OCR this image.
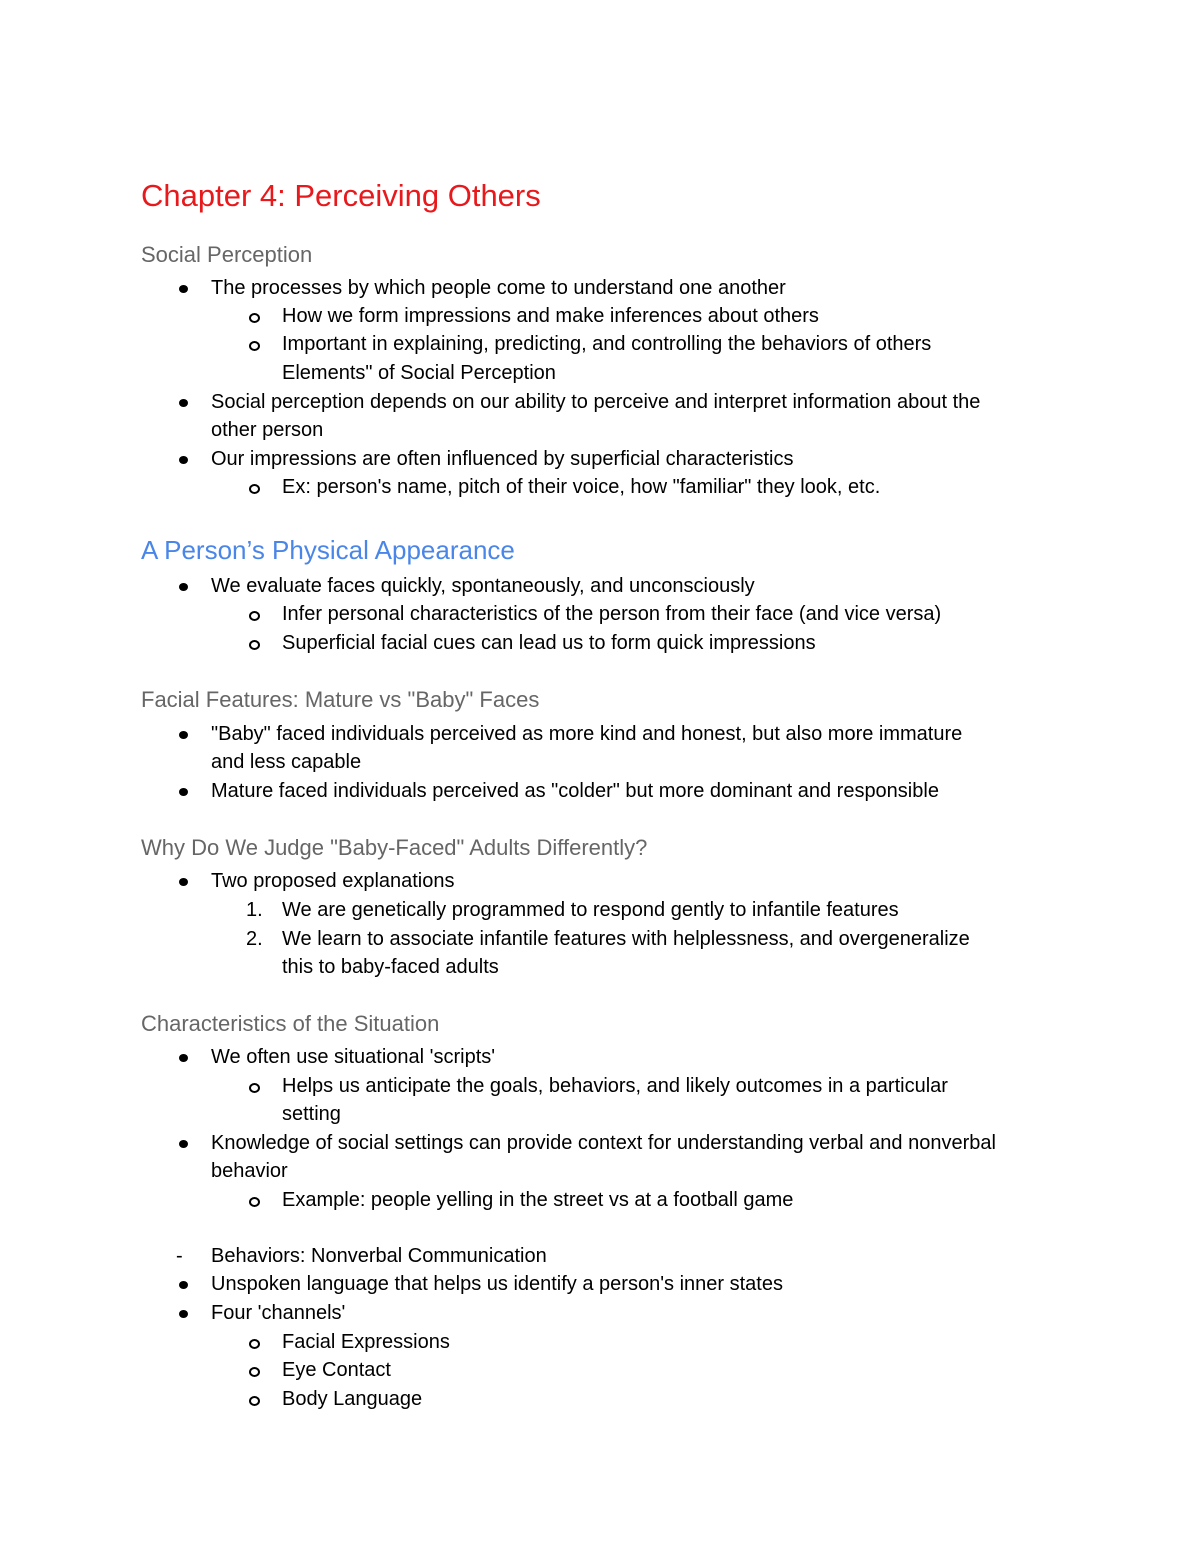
Chapter 4: Perceiving Others
Social Perception
The processes by which people come to understand one another
How we form impressions and make inferences about others
Important in explaining, predicting, and controlling the behaviors of others
Elements" of Social Perception
Social perception depends on our ability to perceive and interpret information about the
other person
Our impressions are often influenced by superficial characteristics
Ex: person's name, pitch of their voice, how "familiar" they look, etc.
A Person’s Physical Appearance
We evaluate faces quickly, spontaneously, and unconsciously
Infer personal characteristics of the person from their face (and vice versa)
Superficial facial cues can lead us to form quick impressions
Facial Features: Mature vs "Baby" Faces
"Baby" faced individuals perceived as more kind and honest, but also more immature
and less capable
Mature faced individuals perceived as "colder" but more dominant and responsible
Why Do We Judge "Baby-Faced" Adults Differently?
Two proposed explanations
1. We are genetically programmed to respond gently to infantile features
2. We learn to associate infantile features with helplessness, and overgeneralize
this to baby-faced adults
Characteristics of the Situation
We often use situational 'scripts'
Helps us anticipate the goals, behaviors, and likely outcomes in a particular
setting
Knowledge of social settings can provide context for understanding verbal and nonverbal
behavior
Example: people yelling in the street vs at a football game
- Behaviors: Nonverbal Communication
Unspoken language that helps us identify a person's inner states
Four 'channels'
Facial Expressions
Eye Contact
Body Language
